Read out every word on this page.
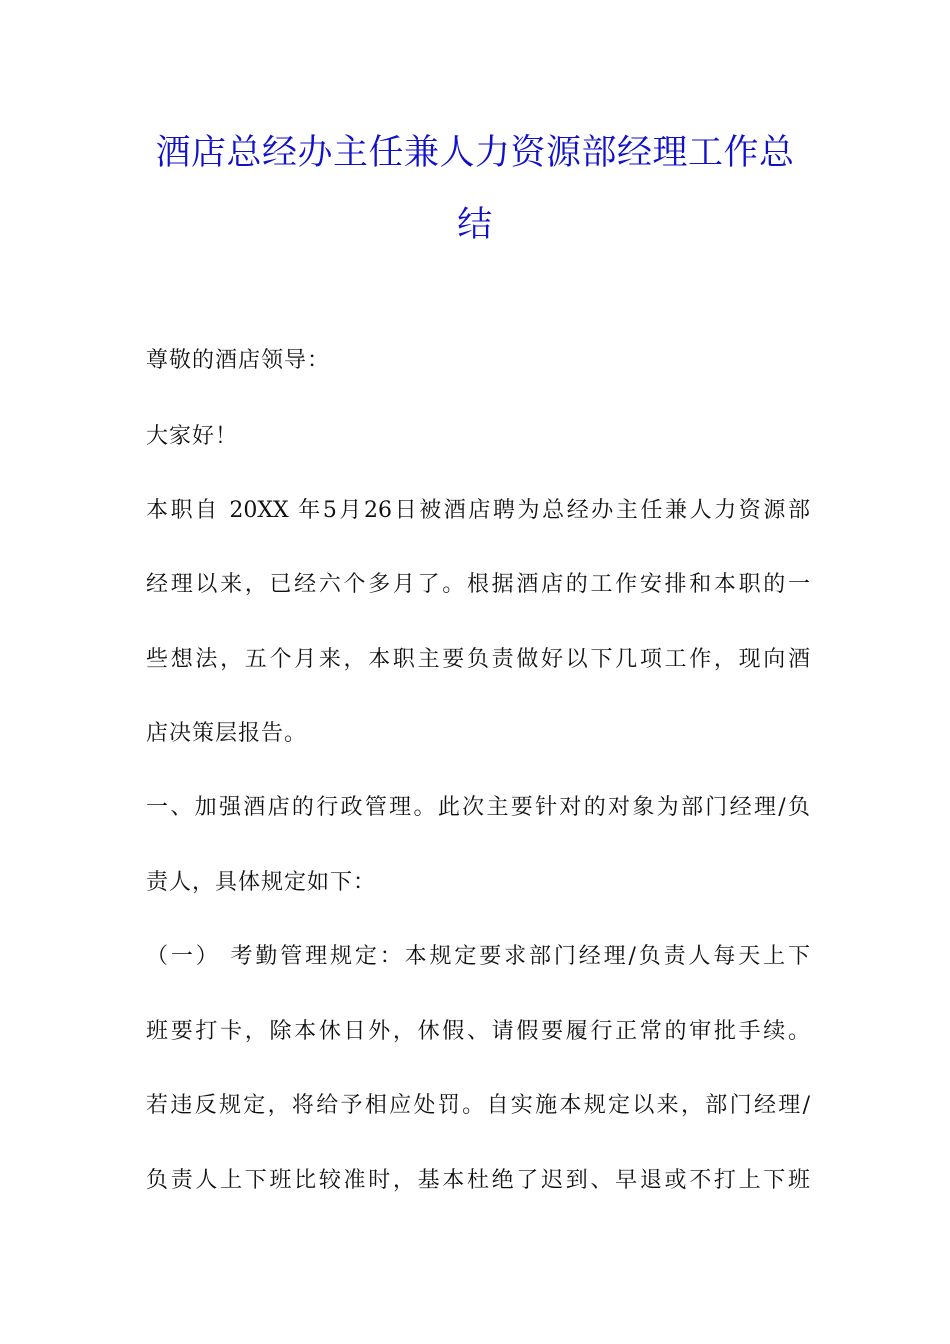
酒店总经办主任兼人力资源部经理工作总
结

尊敬的酒店领导：

大家好！

本职自 20XX 年5月26日被酒店聘为总经办主任兼人力资源部

经理以来，已经六个多月了。根据酒店的工作安排和本职的一

些想法，五个月来，本职主要负责做好以下几项工作，现向酒

店决策层报告。

一、加强酒店的行政管理。此次主要针对的对象为部门经理/负

责人，具体规定如下：

（一） 考勤管理规定：本规定要求部门经理/负责人每天上下

班要打卡，除本休日外，休假、请假要履行正常的审批手续。

若违反规定，将给予相应处罚。自实施本规定以来，部门经理/

负责人上下班比较准时，基本杜绝了迟到、早退或不打上下班
